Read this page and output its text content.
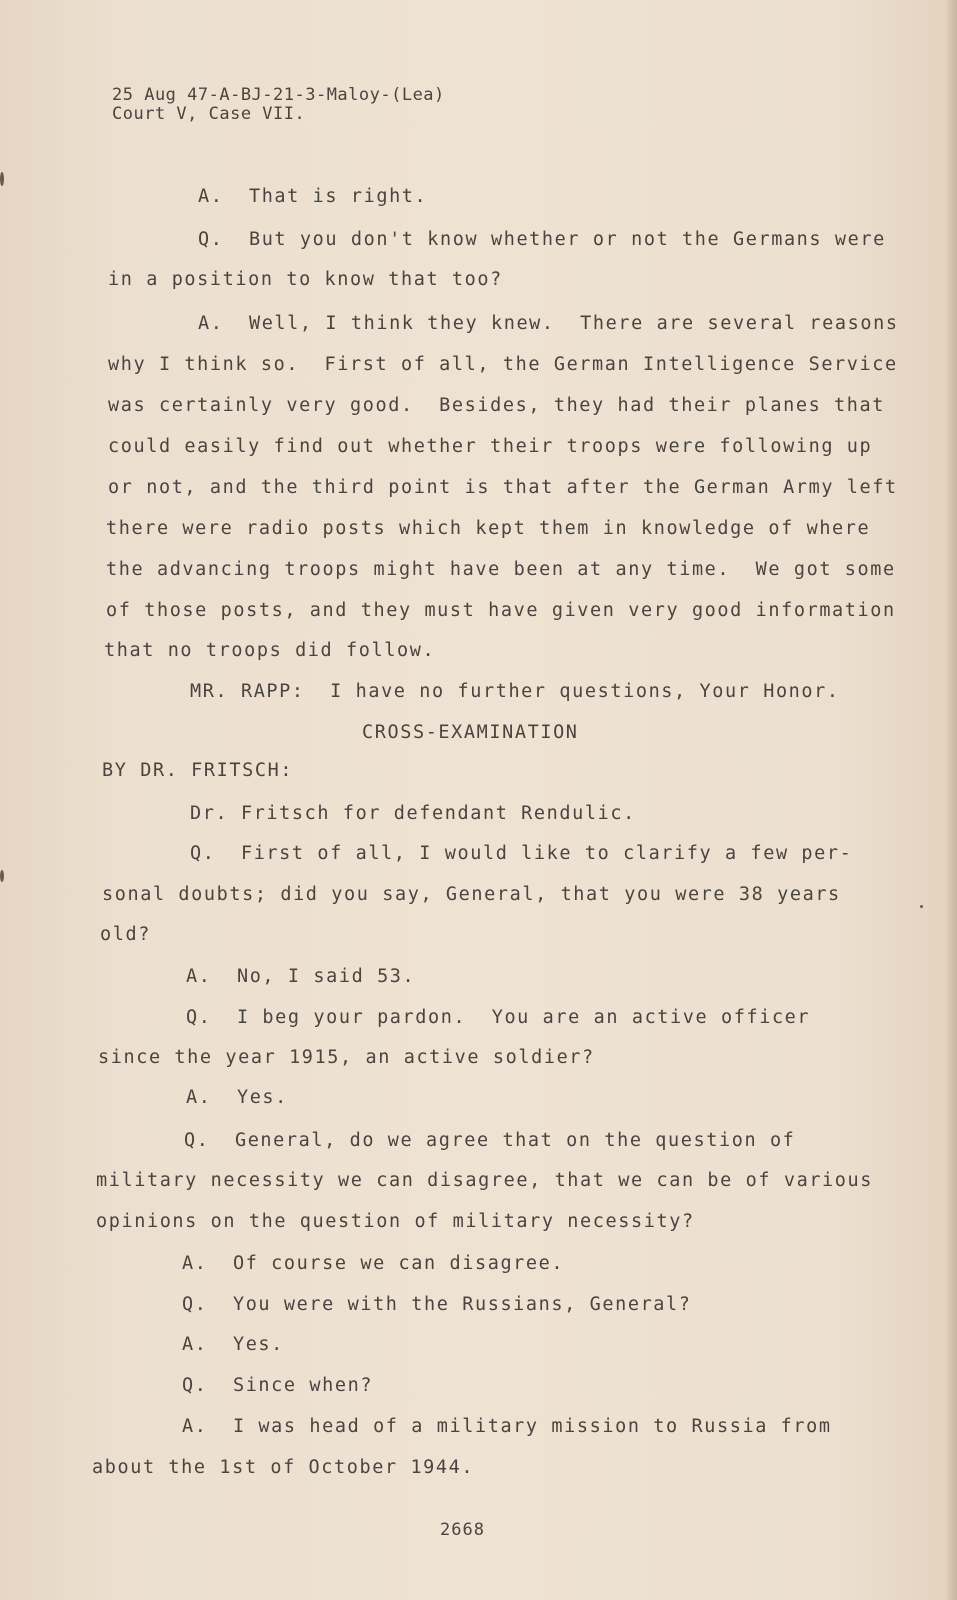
25 Aug 47-A-BJ-21-3-Maloy-(Lea)
Court V, Case VII.
A.  That is right.
Q.  But you don't know whether or not the Germans were
in a position to know that too?
A.  Well, I think they knew.  There are several reasons
why I think so.  First of all, the German Intelligence Service
was certainly very good.  Besides, they had their planes that
could easily find out whether their troops were following up
or not, and the third point is that after the German Army left
there were radio posts which kept them in knowledge of where
the advancing troops might have been at any time.  We got some
of those posts, and they must have given very good information
that no troops did follow.
MR. RAPP:  I have no further questions, Your Honor.
CROSS-EXAMINATION
BY DR. FRITSCH:
Dr. Fritsch for defendant Rendulic.
Q.  First of all, I would like to clarify a few per-
sonal doubts; did you say, General, that you were 38 years
old?
A.  No, I said 53.
Q.  I beg your pardon.  You are an active officer
since the year 1915, an active soldier?
A.  Yes.
Q.  General, do we agree that on the question of
military necessity we can disagree, that we can be of various
opinions on the question of military necessity?
A.  Of course we can disagree.
Q.  You were with the Russians, General?
A.  Yes.
Q.  Since when?
A.  I was head of a military mission to Russia from
about the 1st of October 1944.
2668
